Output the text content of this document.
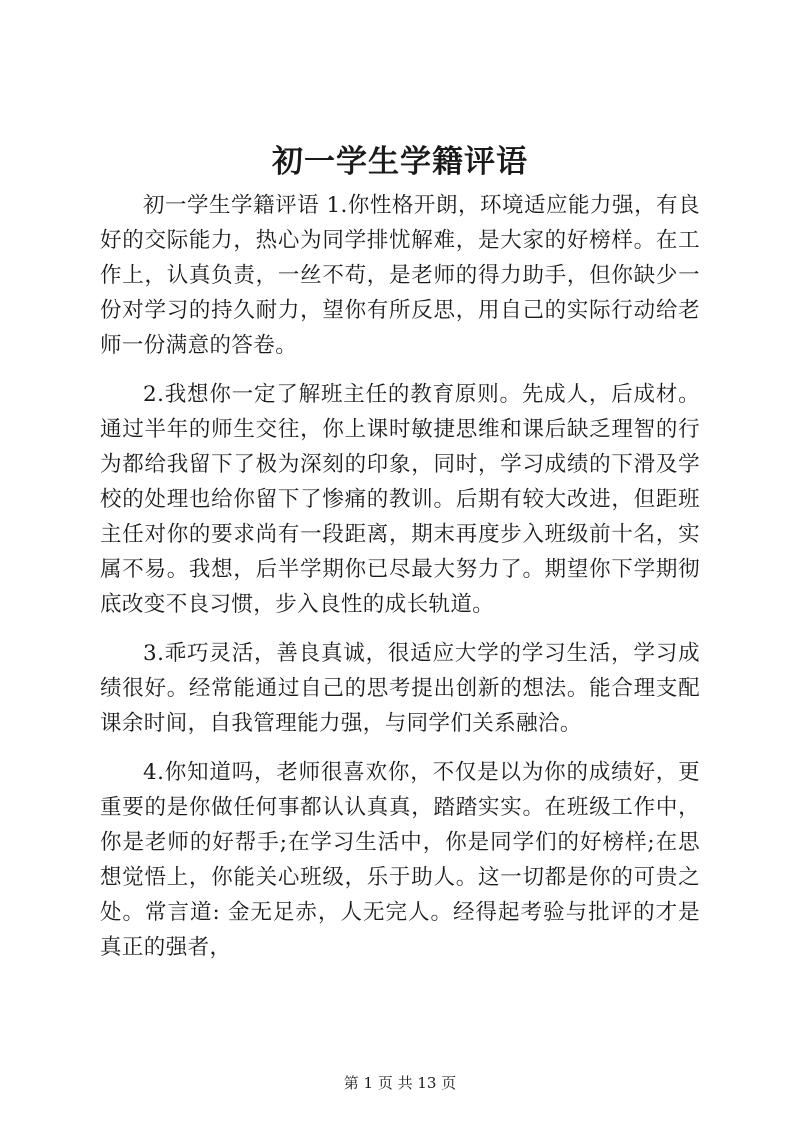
初一学生学籍评语

初一学生学籍评语 1.你性格开朗，环境适应能力强，有良好的交际能力，热心为同学排忧解难，是大家的好榜样。在工作上，认真负责，一丝不苟，是老师的得力助手，但你缺少一份对学习的持久耐力，望你有所反思，用自己的实际行动给老师一份满意的答卷。

2.我想你一定了解班主任的教育原则。先成人，后成材。通过半年的师生交往，你上课时敏捷思维和课后缺乏理智的行为都给我留下了极为深刻的印象，同时，学习成绩的下滑及学校的处理也给你留下了惨痛的教训。后期有较大改进，但距班主任对你的要求尚有一段距离，期末再度步入班级前十名，实属不易。我想，后半学期你已尽最大努力了。期望你下学期彻底改变不良习惯，步入良性的成长轨道。

3.乖巧灵活，善良真诚，很适应大学的学习生活，学习成绩很好。经常能通过自己的思考提出创新的想法。能合理支配课余时间，自我管理能力强，与同学们关系融洽。

4.你知道吗，老师很喜欢你，不仅是以为你的成绩好，更重要的是你做任何事都认认真真，踏踏实实。在班级工作中，你是老师的好帮手;在学习生活中，你是同学们的好榜样;在思想觉悟上，你能关心班级，乐于助人。这一切都是你的可贵之处。常言道: 金无足赤，人无完人。经得起考验与批评的才是真正的强者，

第 1 页 共 13 页
